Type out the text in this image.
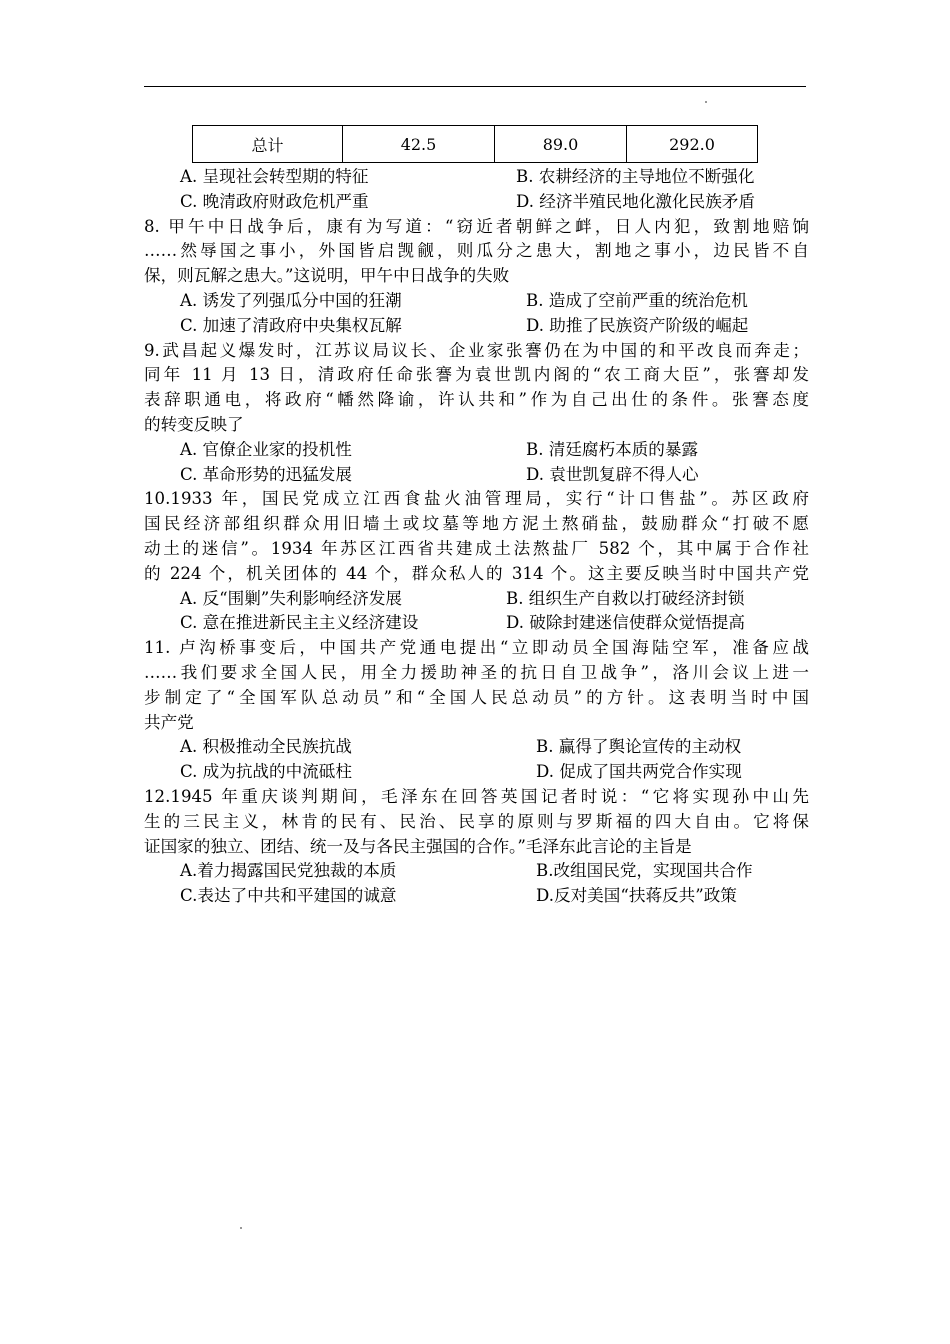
总计	42.5	89.0	292.0
A. 呈现社会转型期的特征	B. 农耕经济的主导地位不断强化
C. 晚清政府财政危机严重	D. 经济半殖民地化激化民族矛盾
8. 甲午中日战争后，康有为写道：“窃近者朝鲜之衅，日人内犯，致割地赔饷
……然辱国之事小，外国皆启觊觎，则瓜分之患大，割地之事小，边民皆不自
保，则瓦解之患大。”这说明，甲午中日战争的失败
A. 诱发了列强瓜分中国的狂潮	B. 造成了空前严重的统治危机
C. 加速了清政府中央集权瓦解	D. 助推了民族资产阶级的崛起
9.武昌起义爆发时，江苏议局议长、企业家张謇仍在为中国的和平改良而奔走；
同年 11 月 13 日，清政府任命张謇为袁世凯内阁的“农工商大臣”，张謇却发
表辞职通电，将政府“幡然降谕，许认共和”作为自己出仕的条件。张謇态度
的转变反映了
A. 官僚企业家的投机性	B. 清廷腐朽本质的暴露
C. 革命形势的迅猛发展	D. 袁世凯复辟不得人心
10.1933 年，国民党成立江西食盐火油管理局，实行“计口售盐”。苏区政府
国民经济部组织群众用旧墙土或坟墓等地方泥土熬硝盐，鼓励群众“打破不愿
动土的迷信”。1934 年苏区江西省共建成土法熬盐厂 582 个，其中属于合作社
的 224 个，机关团体的 44 个，群众私人的 314 个。这主要反映当时中国共产党
A. 反“围剿”失利影响经济发展	B. 组织生产自救以打破经济封锁
C. 意在推进新民主主义经济建设	D. 破除封建迷信使群众觉悟提高
11. 卢沟桥事变后，中国共产党通电提出“立即动员全国海陆空军，准备应战
……我们要求全国人民，用全力援助神圣的抗日自卫战争”，洛川会议上进一
步制定了“全国军队总动员”和“全国人民总动员”的方针。这表明当时中国
共产党
A. 积极推动全民族抗战	B. 赢得了舆论宣传的主动权
C. 成为抗战的中流砥柱	D. 促成了国共两党合作实现
12.1945 年重庆谈判期间，毛泽东在回答英国记者时说：“它将实现孙中山先
生的三民主义，林肯的民有、民治、民享的原则与罗斯福的四大自由。它将保
证国家的独立、团结、统一及与各民主强国的合作。”毛泽东此言论的主旨是
A.着力揭露国民党独裁的本质	B.改组国民党，实现国共合作
C.表达了中共和平建国的诚意	D.反对美国“扶蒋反共”政策
